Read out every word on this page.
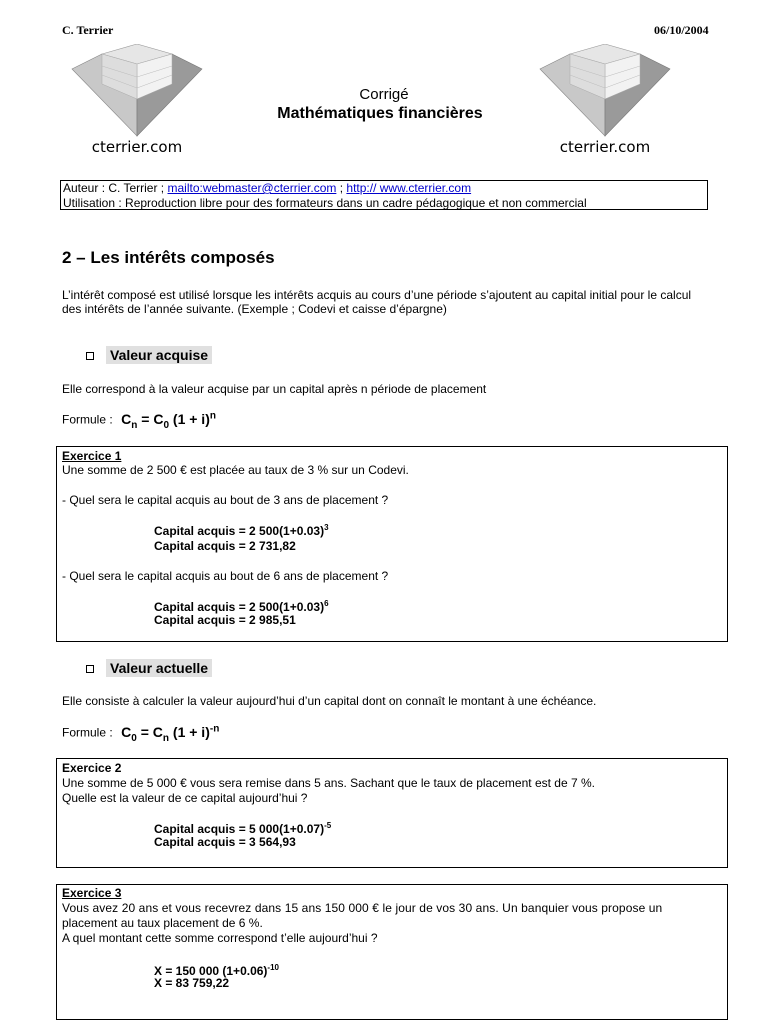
C. Terrier	06/10/2004
cterrier.com	cterrier.com
Corrigé
Mathématiques financières
Auteur : C. Terrier ; mailto:webmaster@cterrier.com ; http:// www.cterrier.com
Utilisation : Reproduction libre pour des formateurs dans un cadre pédagogique et non commercial
2 – Les intérêts composés
L’intérêt composé est utilisé lorsque les intérêts acquis au cours d’une période s’ajoutent au capital initial pour le calcul des intérêts de l’année suivante. (Exemple ; Codevi et caisse d’épargne)
Valeur acquise
Elle correspond à la valeur acquise par un capital après n période de placement
Formule : $C_n = C_0$ $(1 + i)^n$
Exercice 1
Une somme de 2 500 € est placée au taux de 3 % sur un Codevi.
- Quel sera le capital acquis au bout de 3 ans de placement ?
Capital acquis = 2 $500(1+0.03)^3$
Capital acquis = 2 731,82
- Quel sera le capital acquis au bout de 6 ans de placement ?
Capital acquis = 2 $500(1+0.03)^6$
Capital acquis = 2 985,51
Valeur actuelle
Elle consiste à calculer la valeur aujourd’hui d’un capital dont on connaît le montant à une échéance.
Formule : $C_0 = C_n$ $(1 + i)^{-n}$
Exercice 2
Une somme de 5 000 € vous sera remise dans 5 ans. Sachant que le taux de placement est de 7 %.
Quelle est la valeur de ce capital aujourd’hui ?
Capital acquis = 5 $000(1+0.07)^{-5}$
Capital acquis = 3 564,93
Exercice 3
Vous avez 20 ans et vous recevrez dans 15 ans 150 000 € le jour de vos 30 ans. Un banquier vous propose un
placement au taux placement de 6 %.
A quel montant cette somme correspond t’elle aujourd’hui ?
X = 150 000 $(1+0.06)^{-10}$
X = 83 759,22
